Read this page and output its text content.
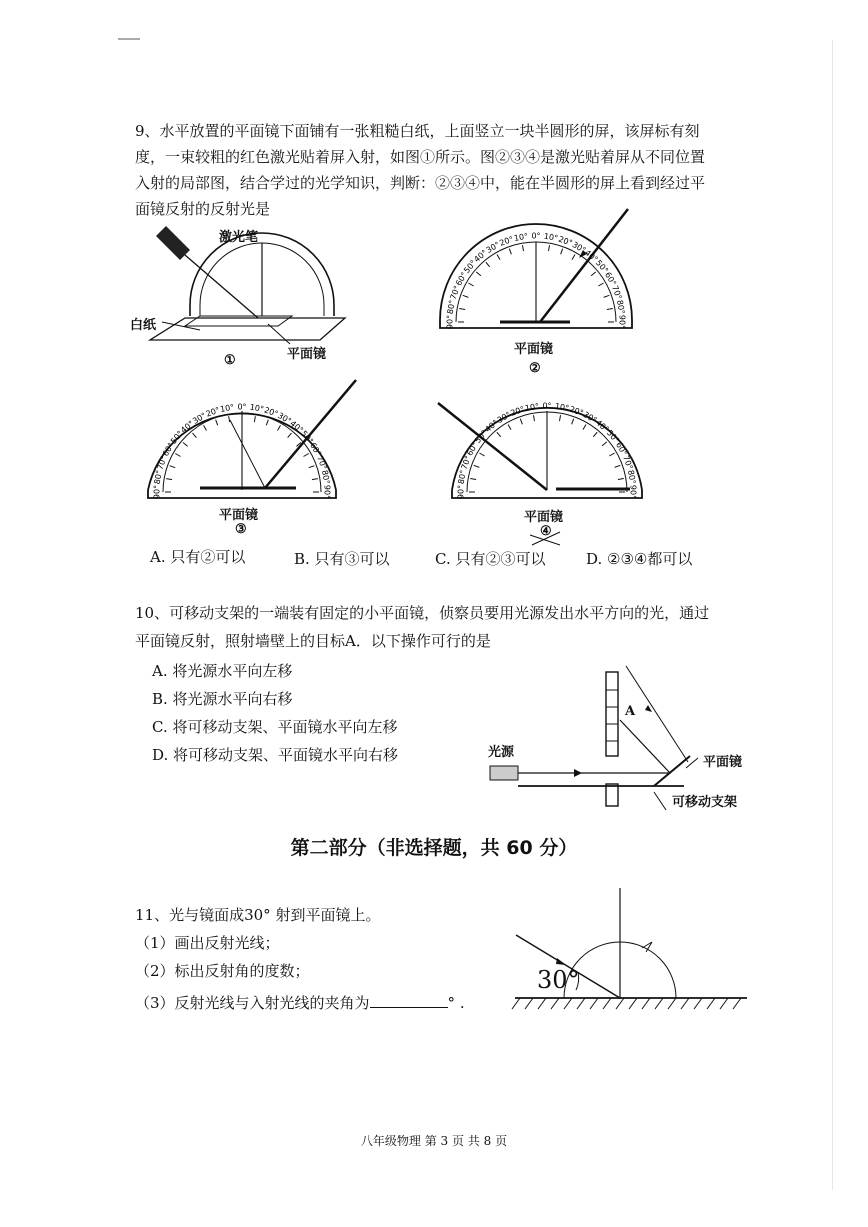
9、水平放置的平面镜下面铺有一张粗糙白纸，上面竖立一块半圆形的屏，该屏标有刻
度，一束较粗的红色激光贴着屏入射，如图①所示。图②③④是激光贴着屏从不同位置
入射的局部图，结合学过的光学知识，判断：②③④中，能在半圆形的屏上看到经过平
面镜反射的反射光是
激光笔
白纸
平面镜
①
平面镜
②
平面镜
③
平面镜
④
A. 只有②可以	B. 只有③可以	C. 只有②③可以	D. ②③④都可以
10、可移动支架的一端装有固定的小平面镜，侦察员要用光源发出水平方向的光，通过
平面镜反射，照射墙壁上的目标A．以下操作可行的是
A. 将光源水平向左移
B. 将光源水平向右移
C. 将可移动支架、平面镜水平向左移
D. 将可移动支架、平面镜水平向右移	光源
平面镜
可移动支架
A
第二部分（非选择题，共 60 分）
11、光与镜面成30° 射到平面镜上。
（1）画出反射光线；
（2）标出反射角的度数；
（3）反射光线与入射光线的夹角为	° .
30°
八年级物理 第 3 页 共 8 页
90°
80°
70°
60°
50°
40°
30°
20°
10° 0° 10°
20°
30°
40°
50°
60°
70°
80°
90°
90°
80°
70°
60°
50°
40°
30°
20°
10° 0° 10°
20°
30°
40°
50°
60°
70°
80°
90°	90°
80°
70°
60°
50°
40°
30°
20°
10° 0° 10°
20°
30°
40°
50°
60°
70°
80°
90°
